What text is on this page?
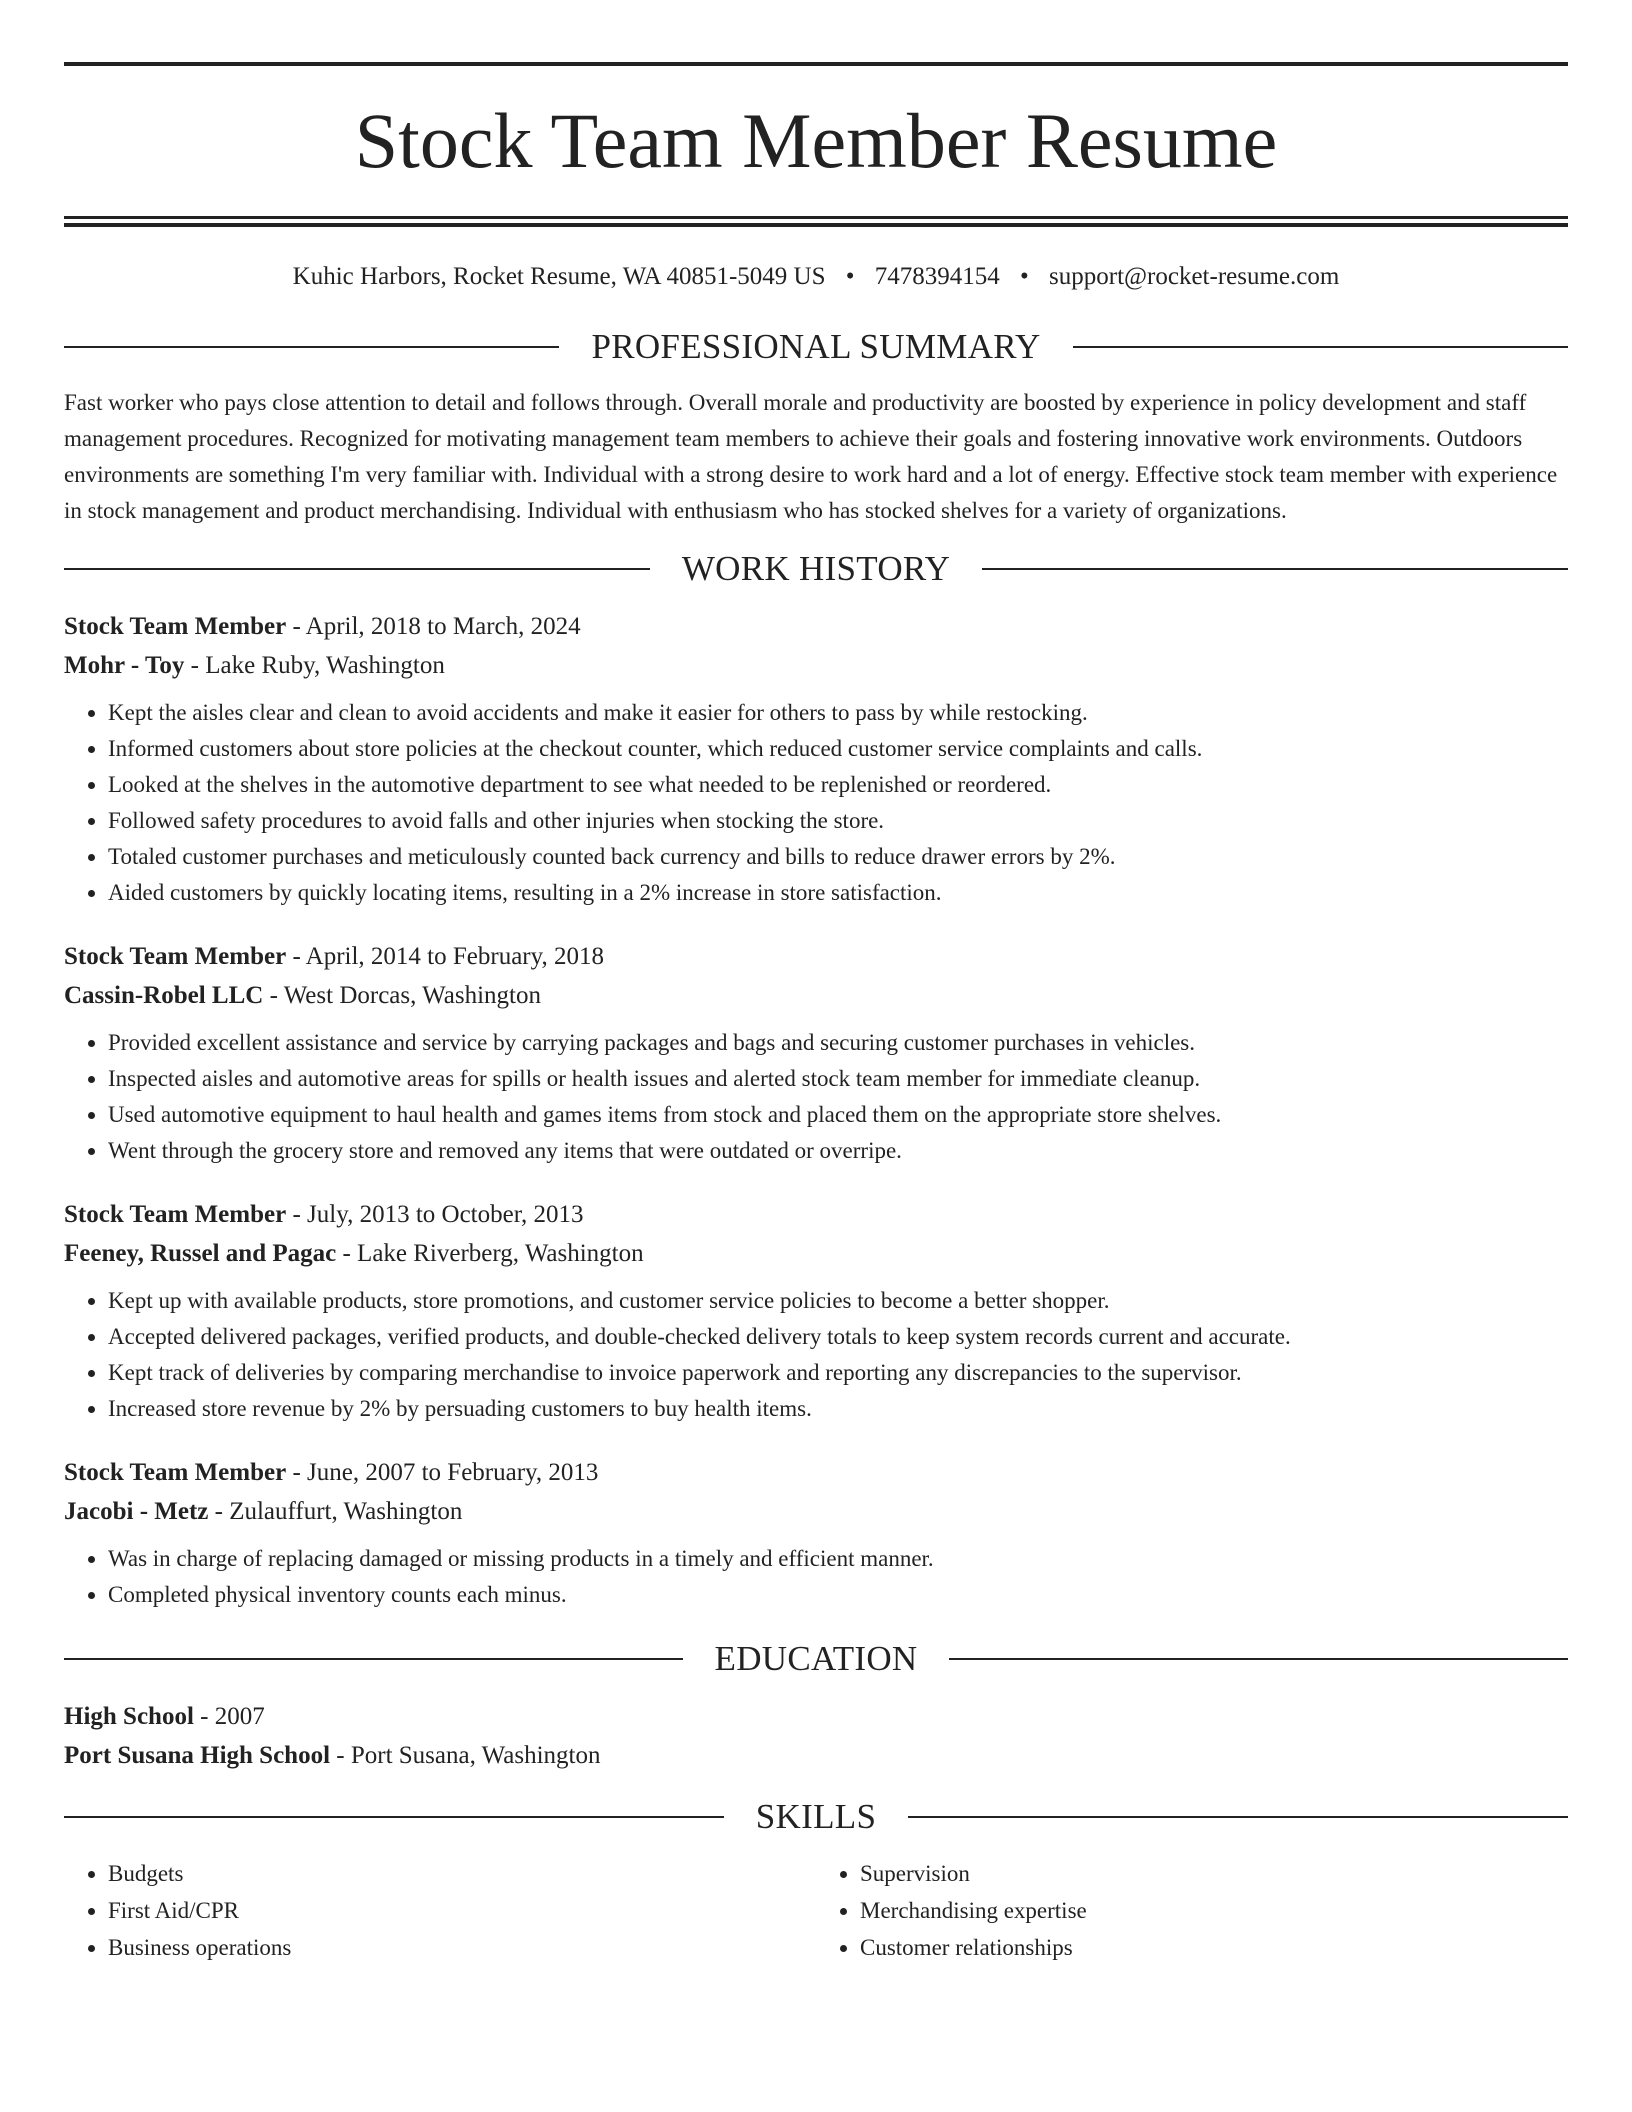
Stock Team Member Resume
Kuhic Harbors, Rocket Resume, WA 40851-5049 US • 7478394154 • support@rocket-resume.com
PROFESSIONAL SUMMARY

Fast worker who pays close attention to detail and follows through. Overall morale and productivity are boosted by experience in policy development and staff management procedures. Recognized for motivating management team members to achieve their goals and fostering innovative work environments. Outdoors environments are something I'm very familiar with. Individual with a strong desire to work hard and a lot of energy. Effective stock team member with experience in stock management and product merchandising. Individual with enthusiasm who has stocked shelves for a variety of organizations.

WORK HISTORY
Stock Team Member - April, 2018 to March, 2024
Mohr - Toy - Lake Ruby, Washington
• Kept the aisles clear and clean to avoid accidents and make it easier for others to pass by while restocking.
• Informed customers about store policies at the checkout counter, which reduced customer service complaints and calls.
• Looked at the shelves in the automotive department to see what needed to be replenished or reordered.
• Followed safety procedures to avoid falls and other injuries when stocking the store.
• Totaled customer purchases and meticulously counted back currency and bills to reduce drawer errors by 2%.
• Aided customers by quickly locating items, resulting in a 2% increase in store satisfaction.
Stock Team Member - April, 2014 to February, 2018
Cassin-Robel LLC - West Dorcas, Washington
• Provided excellent assistance and service by carrying packages and bags and securing customer purchases in vehicles.
• Inspected aisles and automotive areas for spills or health issues and alerted stock team member for immediate cleanup.
• Used automotive equipment to haul health and games items from stock and placed them on the appropriate store shelves.
• Went through the grocery store and removed any items that were outdated or overripe.
Stock Team Member - July, 2013 to October, 2013
Feeney, Russel and Pagac - Lake Riverberg, Washington
• Kept up with available products, store promotions, and customer service policies to become a better shopper.
• Accepted delivered packages, verified products, and double-checked delivery totals to keep system records current and accurate.
• Kept track of deliveries by comparing merchandise to invoice paperwork and reporting any discrepancies to the supervisor.
• Increased store revenue by 2% by persuading customers to buy health items.
Stock Team Member - June, 2007 to February, 2013
Jacobi - Metz - Zulauffurt, Washington
• Was in charge of replacing damaged or missing products in a timely and efficient manner.
• Completed physical inventory counts each minus.
EDUCATION
High School - 2007
Port Susana High School - Port Susana, Washington
SKILLS
• Budgets
• First Aid/CPR
• Business operations
• Supervision
• Merchandising expertise
• Customer relationships
